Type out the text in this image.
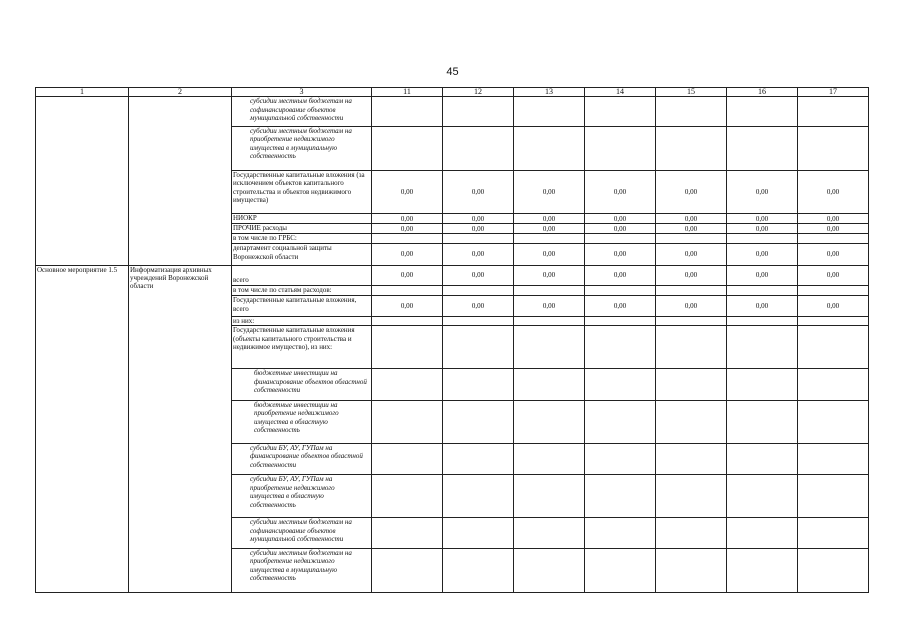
45
1	2	3	11	12	13	14	15	16	17
		субсидии местным бюджетам на софинансирование объектов муниципальной собственности							
		субсидии местным бюджетам на приобретение недвижимого имущества в муниципальную собственность							
		Государственные капитальные вложения (за исключением объектов капитального строительства и объектов недвижимого имущества)	0,00	0,00	0,00	0,00	0,00	0,00	0,00
		НИОКР	0,00	0,00	0,00	0,00	0,00	0,00	0,00
		ПРОЧИЕ расходы	0,00	0,00	0,00	0,00	0,00	0,00	0,00
		в том числе по ГРБС:							
		департамент социальной защиты Воронежской области	0,00	0,00	0,00	0,00	0,00	0,00	0,00
Основное мероприятие 1.5	Информатизация архивных учреждений Воронежской области	всего	0,00	0,00	0,00	0,00	0,00	0,00	0,00
		в том числе по статьям расходов:							
		Государственные капитальные вложения, всего	0,00	0,00	0,00	0,00	0,00	0,00	0,00
		из них:							
		Государственные капитальные вложения (объекты капитального строительства и недвижимое имущество), из них:							
		бюджетные инвестиции на финансирование объектов областной собственности							
		бюджетные инвестиции на приобретение недвижимого имущества в областную собственность							
		субсидии БУ, АУ, ГУПам на финансирование объектов областной собственности							
		субсидии БУ, АУ, ГУПам на приобретение недвижимого имущества в областную собственность							
		субсидии местным бюджетам на софинансирование объектов муниципальной собственности							
		субсидии местным бюджетам на приобретение недвижимого имущества в муниципальную собственность							
